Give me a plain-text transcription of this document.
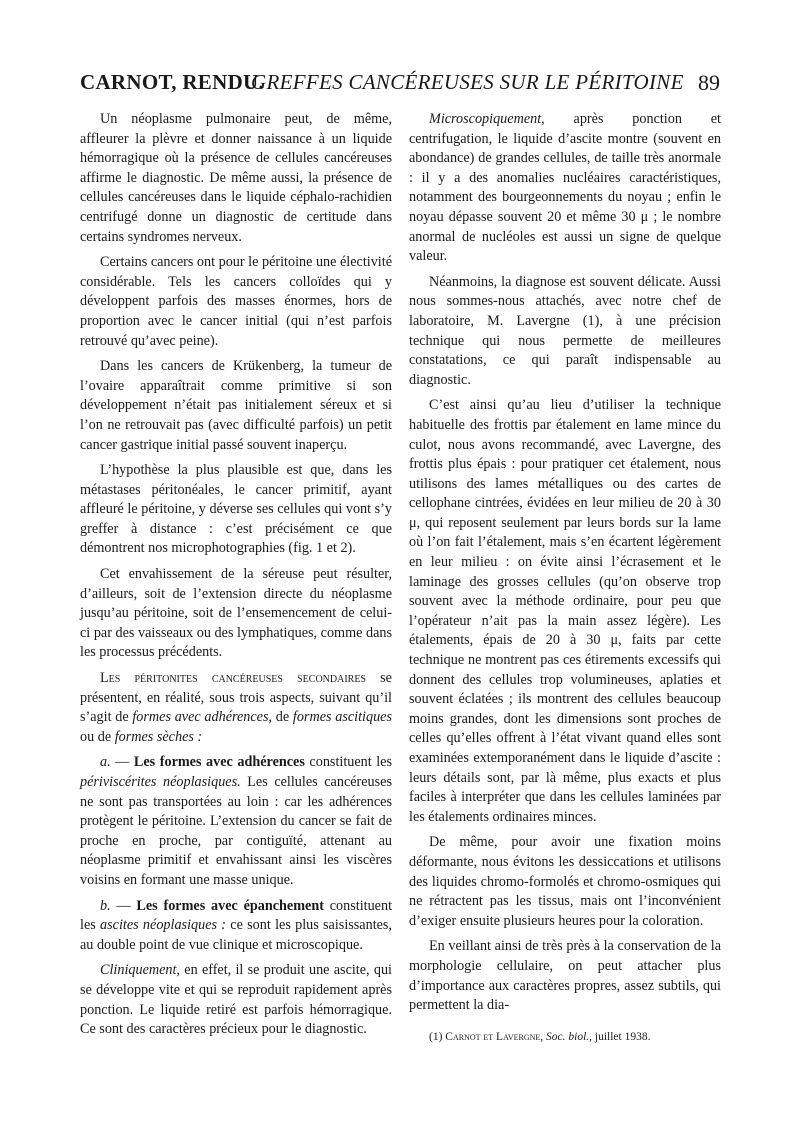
CARNOT, RENDU.
GREFFES CANCÉREUSES SUR LE PÉRITOINE 89

Un néoplasme pulmonaire peut, de même, affleurer la plèvre et donner naissance à un liquide hémorragique où la présence de cellules cancéreuses affirme le diagnostic. De même aussi, la présence de cellules cancéreuses dans le liquide céphalo-rachidien centrifugé donne un diagnostic de certitude dans certains syndromes nerveux.

Certains cancers ont pour le péritoine une électivité considérable. Tels les cancers colloïdes qui y développent parfois des masses énormes, hors de proportion avec le cancer initial (qui n’est parfois retrouvé qu’avec peine).

Dans les cancers de Krükenberg, la tumeur de l’ovaire apparaîtrait comme primitive si son développement n’était pas initialement séreux et si l’on ne retrouvait pas (avec difficulté parfois) un petit cancer gastrique initial passé souvent inaperçu.

L’hypothèse la plus plausible est que, dans les métastases péritonéales, le cancer primitif, ayant affleuré le péritoine, y déverse ses cellules qui vont s’y greffer à distance : c’est précisément ce que démontrent nos microphotographies (fig. 1 et 2).

Cet envahissement de la séreuse peut résulter, d’ailleurs, soit de l’extension directe du néoplasme jusqu’au péritoine, soit de l’ensemencement de celui-ci par des vaisseaux ou des lymphatiques, comme dans les processus précédents.

Les péritonites cancéreuses secondaires se présentent, en réalité, sous trois aspects, suivant qu’il s’agit de formes avec adhérences, de formes ascitiques ou de formes sèches :

a. — Les formes avec adhérences constituent les périviscérites néoplasiques. Les cellules cancéreuses ne sont pas transportées au loin : car les adhérences protègent le péritoine. L’extension du cancer se fait de proche en proche, par contiguïté, attenant au néoplasme primitif et envahissant ainsi les viscères voisins en formant une masse unique.

b. — Les formes avec épanchement constituent les ascites néoplasiques : ce sont les plus saisissantes, au double point de vue clinique et microscopique.

Cliniquement, en effet, il se produit une ascite, qui se développe vite et qui se reproduit rapidement après ponction. Le liquide retiré est parfois hémorragique. Ce sont des caractères précieux pour le diagnostic.

Microscopiquement, après ponction et centrifugation, le liquide d’ascite montre (souvent en abondance) de grandes cellules, de taille très anormale : il y a des anomalies nucléaires caractéristiques, notamment des bourgeonnements du noyau ; enfin le noyau dépasse souvent 20 et même 30 μ ; le nombre anormal de nucléoles est aussi un signe de quelque valeur.

Néanmoins, la diagnose est souvent délicate. Aussi nous sommes-nous attachés, avec notre chef de laboratoire, M. Lavergne (1), à une précision technique qui nous permette de meilleures constatations, ce qui paraît indispensable au diagnostic.

C’est ainsi qu’au lieu d’utiliser la technique habituelle des frottis par étalement en lame mince du culot, nous avons recommandé, avec Lavergne, des frottis plus épais : pour pratiquer cet étalement, nous utilisons des lames métalliques ou des cartes de cellophane cintrées, évidées en leur milieu de 20 à 30 μ, qui reposent seulement par leurs bords sur la lame où l’on fait l’étalement, mais s’en écartent légèrement en leur milieu : on évite ainsi l’écrasement et le laminage des grosses cellules (qu’on observe trop souvent avec la méthode ordinaire, pour peu que l’opérateur n’ait pas la main assez légère). Les étalements, épais de 20 à 30 μ, faits par cette technique ne montrent pas ces étirements excessifs qui donnent des cellules trop volumineuses, aplaties et souvent éclatées ; ils montrent des cellules beaucoup moins grandes, dont les dimensions sont proches de celles qu’elles offrent à l’état vivant quand elles sont examinées extemporanément dans le liquide d’ascite : leurs détails sont, par là même, plus exacts et plus faciles à interpréter que dans les cellules laminées par les étalements ordinaires minces.

De même, pour avoir une fixation moins déformante, nous évitons les dessiccations et utilisons des liquides chromo-formolés et chromo-osmiques qui ne rétractent pas les tissus, mais ont l’inconvénient d’exiger ensuite plusieurs heures pour la coloration.

En veillant ainsi de très près à la conservation de la morphologie cellulaire, on peut attacher plus d’importance aux caractères propres, assez subtils, qui permettent la dia-

(1) Carnot et Lavergne, Soc. biol., juillet 1938.
